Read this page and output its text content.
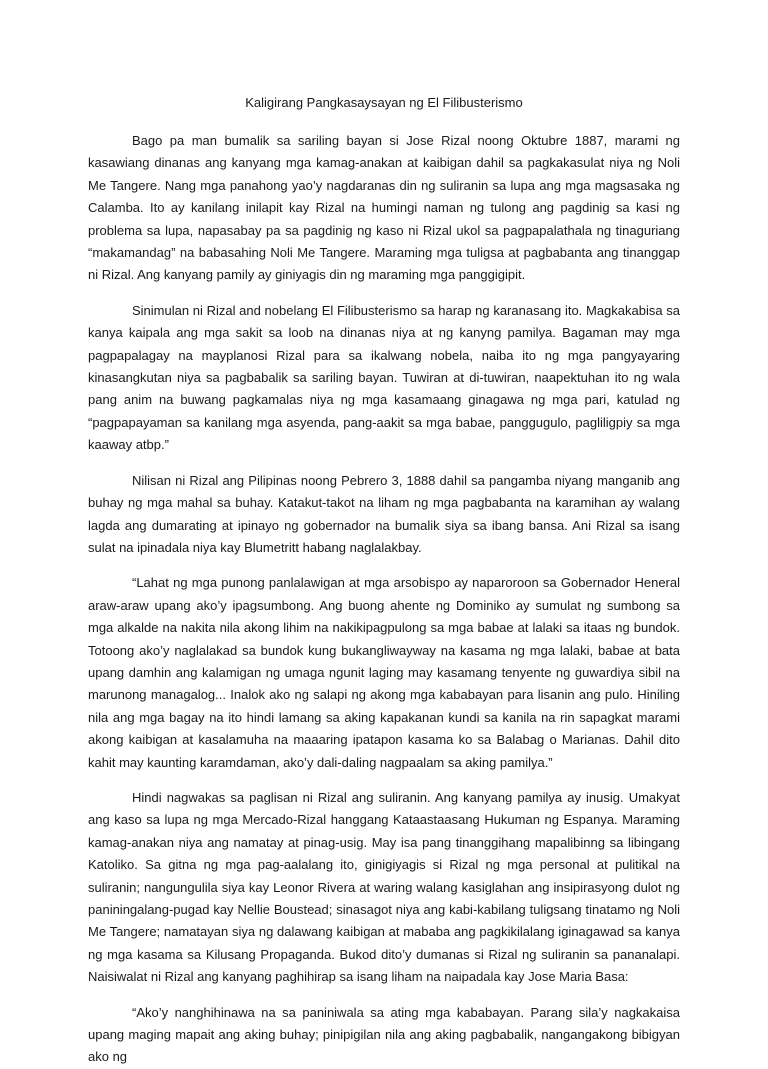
Kaligirang Pangkasaysayan ng El Filibusterismo

Bago pa man bumalik sa sariling bayan si Jose Rizal noong Oktubre 1887, marami ng kasawiang dinanas ang kanyang mga kamag-anakan at kaibigan dahil sa pagkakasulat niya ng Noli Me Tangere. Nang mga panahong yao’y nagdaranas din ng suliranin sa lupa ang mga magsasaka ng Calamba. Ito ay kanilang inilapit kay Rizal na humingi naman ng tulong ang pagdinig sa kasi ng problema sa lupa, napasabay pa sa pagdinig ng kaso ni Rizal ukol sa pagpapalathala ng tinaguriang “makamandag” na babasahing Noli Me Tangere. Maraming mga tuligsa at pagbabanta ang tinanggap ni Rizal. Ang kanyang pamily ay giniyagis din ng maraming mga panggigipit.

Sinimulan ni Rizal and nobelang El Filibusterismo sa harap ng karanasang ito. Magkakabisa sa kanya kaipala ang mga sakit sa loob na dinanas niya at ng kanyng pamilya. Bagaman may mga pagpapalagay na mayplanosi Rizal para sa ikalwang nobela, naiba ito ng mga pangyayaring kinasangkutan niya sa pagbabalik sa sariling bayan. Tuwiran at di-tuwiran, naapektuhan ito ng wala pang anim na buwang pagkamalas niya ng mga kasamaang ginagawa ng mga pari, katulad ng “pagpapayaman sa kanilang mga asyenda, pang-aakit sa mga babae, panggugulo, pagliligpiy sa mga kaaway atbp.”

Nilisan ni Rizal ang Pilipinas noong Pebrero 3, 1888 dahil sa pangamba niyang manganib ang buhay ng mga mahal sa buhay. Katakut-takot na liham ng mga pagbabanta na karamihan ay walang lagda ang dumarating at ipinayo ng gobernador na bumalik siya sa ibang bansa. Ani Rizal sa isang sulat na ipinadala niya kay Blumetritt habang naglalakbay.

“Lahat ng mga punong panlalawigan at mga arsobispo ay naparoroon sa Gobernador Heneral araw-araw upang ako’y ipagsumbong. Ang buong ahente ng Dominiko ay sumulat ng sumbong sa mga alkalde na nakita nila akong lihim na nakikipagpulong sa mga babae at lalaki sa itaas ng bundok. Totoong ako’y naglalakad sa bundok kung bukangliwayway na kasama ng mga lalaki, babae at bata upang damhin ang kalamigan ng umaga ngunit laging may kasamang tenyente ng guwardiya sibil na marunong managalog... Inalok ako ng salapi ng akong mga kababayan para lisanin ang pulo. Hiniling nila ang mga bagay na ito hindi lamang sa aking kapakanan kundi sa kanila na rin sapagkat marami akong kaibigan at kasalamuha na maaaring ipatapon kasama ko sa Balabag o Marianas. Dahil dito kahit may kaunting karamdaman, ako’y dali-daling nagpaalam sa aking pamilya.”

Hindi nagwakas sa paglisan ni Rizal ang suliranin. Ang kanyang pamilya ay inusig. Umakyat ang kaso sa lupa ng mga Mercado-Rizal hanggang Kataastaasang Hukuman ng Espanya. Maraming kamag-anakan niya ang namatay at pinag-usig. May isa pang tinanggihang mapalibinng sa libingang Katoliko. Sa gitna ng mga pag-aalalang ito, ginigiyagis si Rizal ng mga personal at pulitikal na suliranin; nangungulila siya kay Leonor Rivera at waring walang kasiglahan ang insipirasyong dulot ng paniningalang-pugad kay Nellie Boustead; sinasagot niya ang kabi-kabilang tuligsang tinatamo ng Noli Me Tangere; namatayan siya ng dalawang kaibigan at mababa ang pagkikilalang iginagawad sa kanya ng mga kasama sa Kilusang Propaganda. Bukod dito’y dumanas si Rizal ng suliranin sa pananalapi. Naisiwalat ni Rizal ang kanyang paghihirap sa isang liham na naipadala kay Jose Maria Basa:

“Ako’y nanghihinawa na sa paniniwala sa ating mga kababayan. Parang sila’y nagkakaisa upang maging mapait ang aking buhay; pinipigilan nila ang aking pagbabalik, nangangakong bibigyan ako ng
